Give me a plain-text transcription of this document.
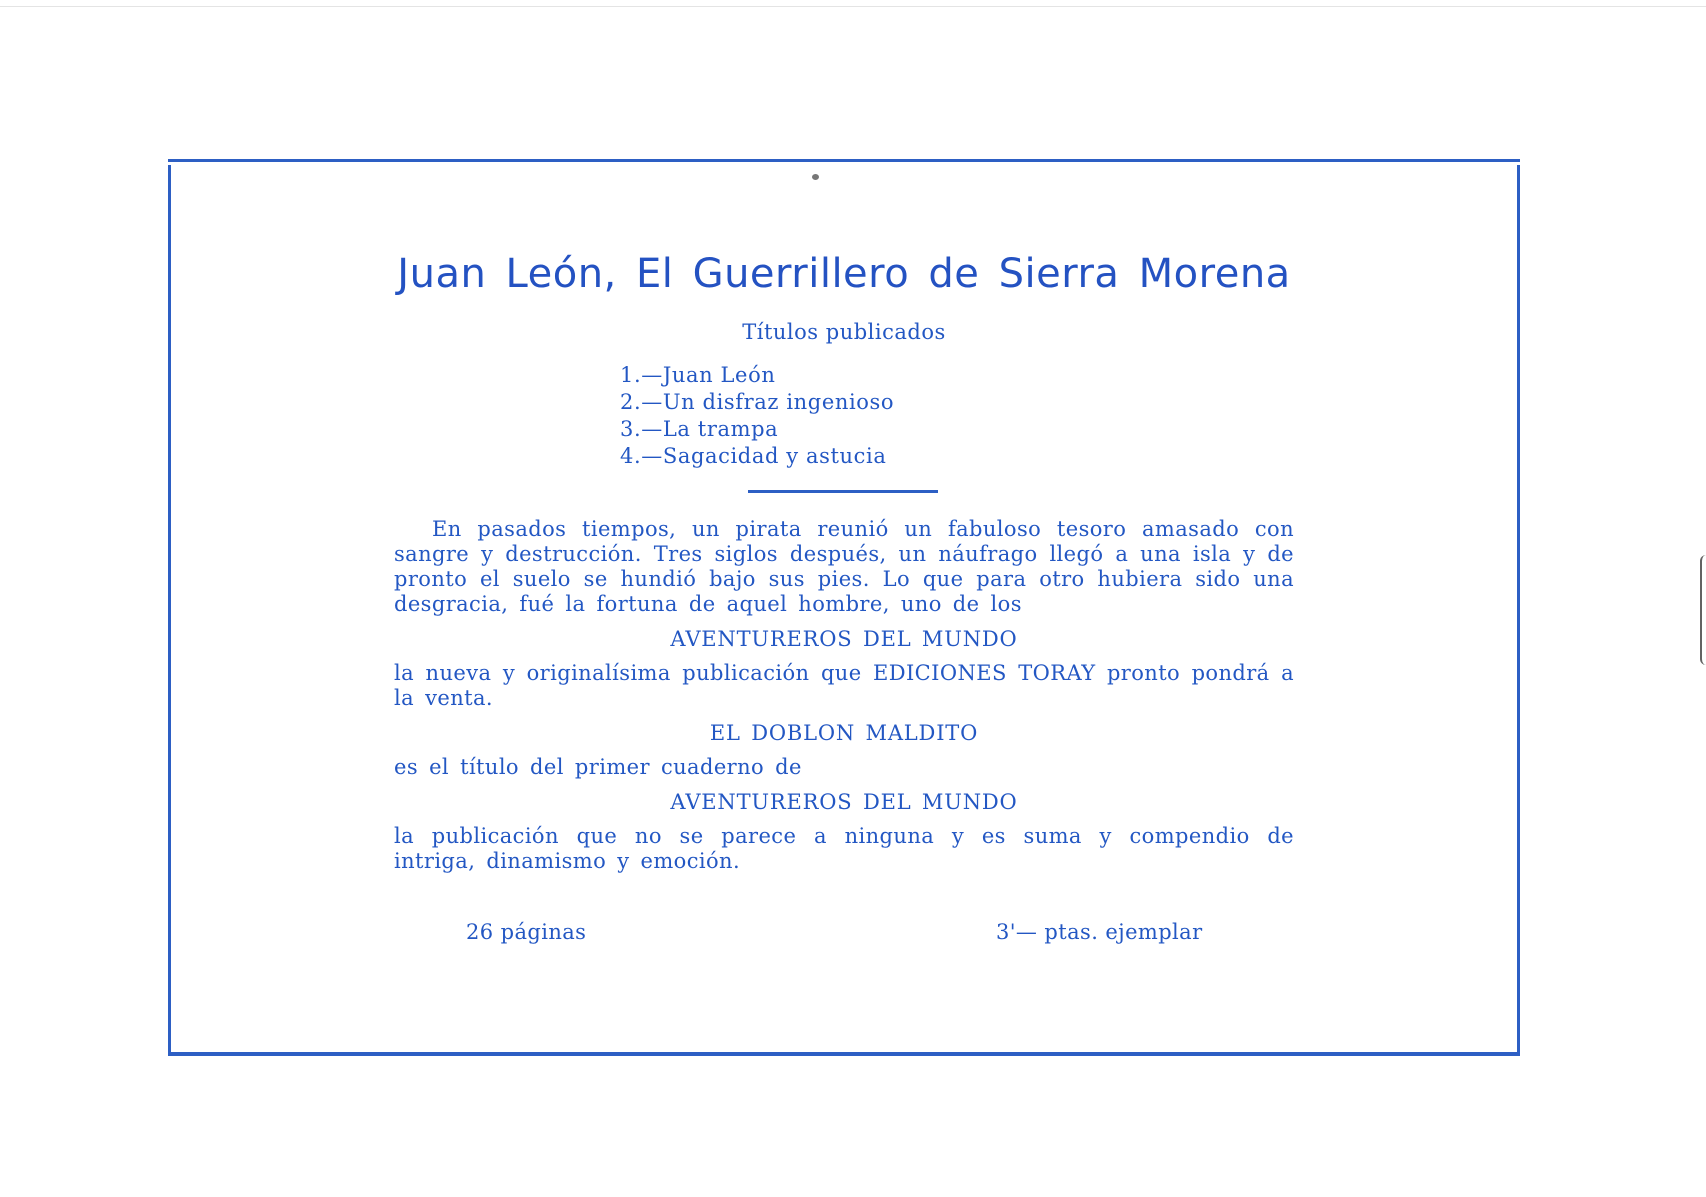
Juan León, El Guerrillero de Sierra Morena
Títulos publicados
1.—Juan León
2.—Un disfraz ingenioso
3.—La trampa
4.—Sagacidad y astucia

En pasados tiempos, un pirata reunió un fabuloso tesoro amasado con sangre y destrucción. Tres siglos después, un náufrago llegó a una isla y de pronto el suelo se hundió bajo sus pies. Lo que para otro hubiera sido una desgracia, fué la fortuna de aquel hombre, uno de los

AVENTUREROS DEL MUNDO

la nueva y originalísima publicación que EDICIONES TORAY pronto pondrá a la venta.

EL DOBLON MALDITO

es el título del primer cuaderno de

AVENTUREROS DEL MUNDO

la publicación que no se parece a ninguna y es suma y compendio de intriga, dinamismo y emoción.

26 páginas	3'— ptas. ejemplar
